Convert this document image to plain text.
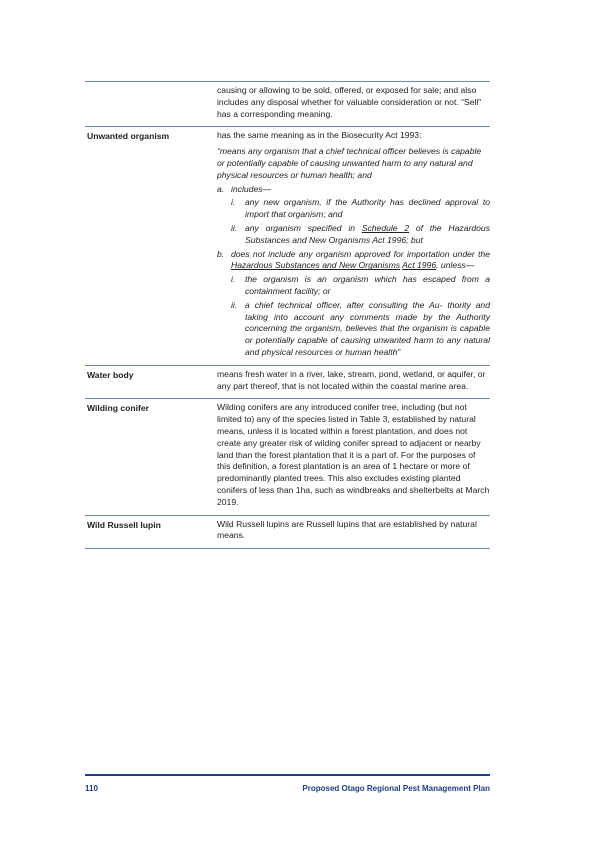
causing or allowing to be sold, offered, or exposed for sale; and also includes any disposal whether for valuable consideration or not. “Sell” has a corresponding meaning.

Unwanted organism	has the same meaning as in the Biosecurity Act 1993:

“means any organism that a chief technical officer believes is capable or potentially capable of causing unwanted harm to any natural and physical resources or human health; and

a. includes—
i.	any new organism, if the Authority has declined approval to import that organism; and
ii. any organism specified in Schedule 2 of the Hazardous Substances and New Organisms Act 1996; but
b. does not include any organism approved for importation under the Hazardous Substances and New Organisms Act 1996, unless—
i.	the organism is an organism which has escaped from a containment facility; or
ii. a chief technical officer, after consulting the Au- thority and taking into account any comments made by the Authority concerning the organism, believes that the organism is capable or potentially capable of causing unwanted harm to any natural and physical resources or human health”
Water body	means fresh water in a river, lake, stream, pond, wetland, or aquifer, or any part thereof, that is not located within the coastal marine area.

Wilding conifer	Wilding conifers are any introduced conifer tree, including (but not limited to) any of the species listed in Table 3, established by natural means, unless it is located within a forest plantation, and does not create any greater risk of wilding conifer spread to adjacent or nearby land than the forest plantation that it is a part of. For the purposes of this definition, a forest plantation is an area of 1 hectare or more of predominantly planted trees. This also excludes existing planted conifers of less than 1ha, such as windbreaks and shelterbelts at March 2019.

Wild Russell lupin	Wild Russell lupins are Russell lupins that are established by natural means.

110	Proposed Otago Regional Pest Management Plan
